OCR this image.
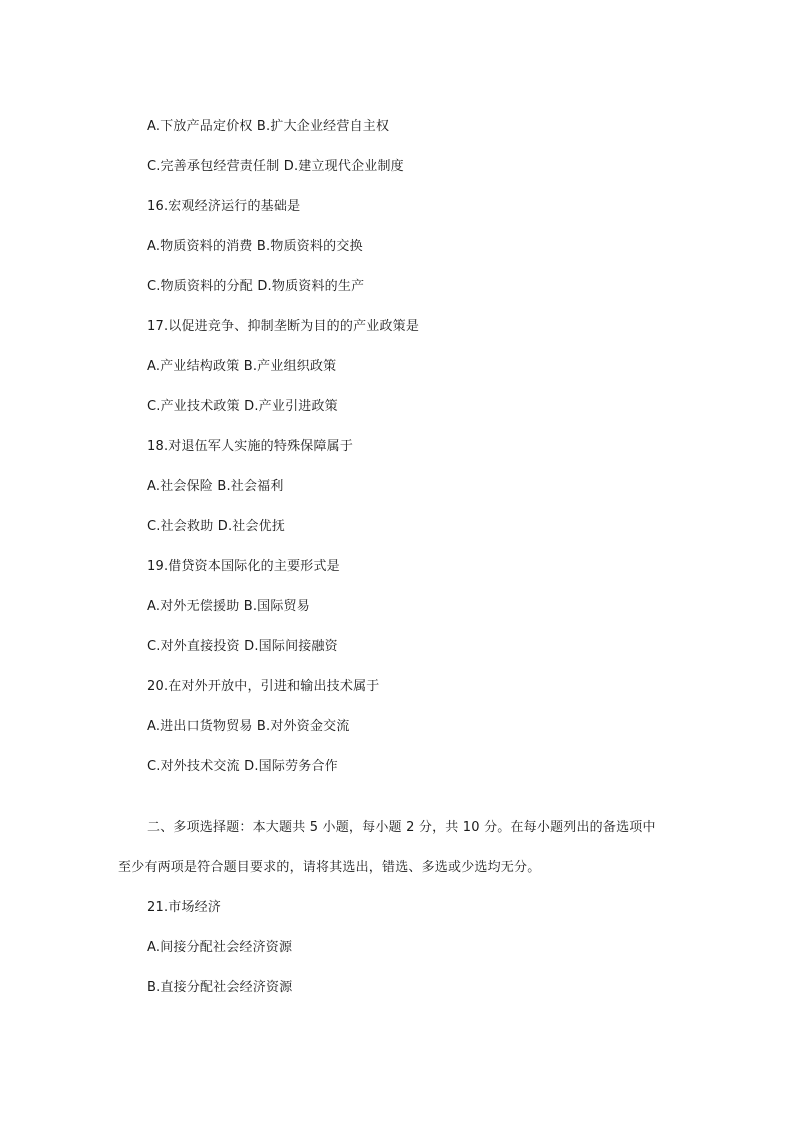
A.下放产品定价权 B.扩大企业经营自主权
C.完善承包经营责任制 D.建立现代企业制度
16.宏观经济运行的基础是
A.物质资料的消费 B.物质资料的交换
C.物质资料的分配 D.物质资料的生产
17.以促进竞争、抑制垄断为目的的产业政策是
A.产业结构政策 B.产业组织政策
C.产业技术政策 D.产业引进政策
18.对退伍军人实施的特殊保障属于
A.社会保险 B.社会福利
C.社会救助 D.社会优抚
19.借贷资本国际化的主要形式是
A.对外无偿援助 B.国际贸易
C.对外直接投资 D.国际间接融资
20.在对外开放中，引进和输出技术属于
A.进出口货物贸易 B.对外资金交流
C.对外技术交流 D.国际劳务合作
二、多项选择题：本大题共 5 小题，每小题 2 分，共 10 分。在每小题列出的备选项中
至少有两项是符合题目要求的，请将其选出，错选、多选或少选均无分。
21.市场经济
A.间接分配社会经济资源
B.直接分配社会经济资源
